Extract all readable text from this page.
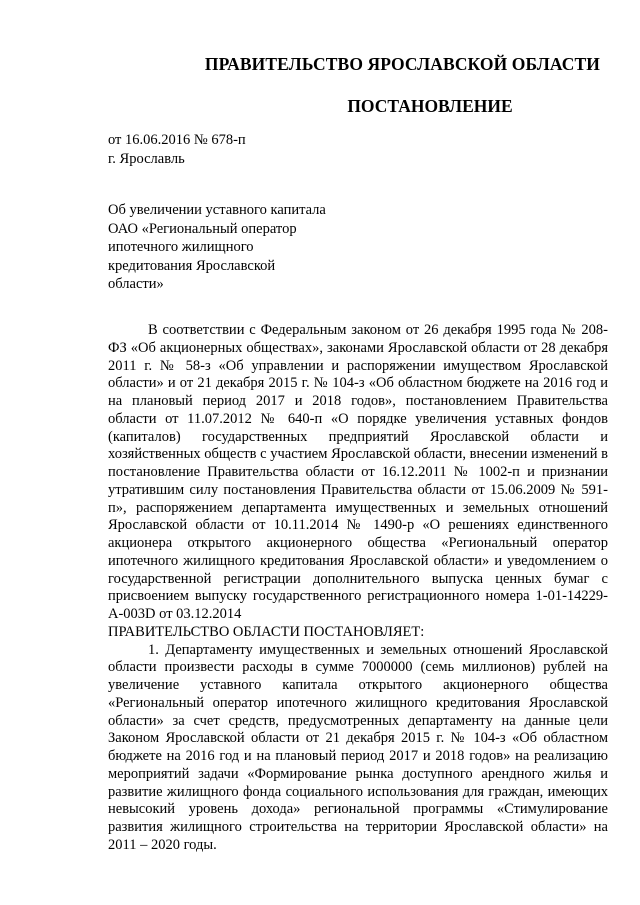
ПРАВИТЕЛЬСТВО ЯРОСЛАВСКОЙ ОБЛАСТИ
ПОСТАНОВЛЕНИЕ
от 16.06.2016 № 678-п
г. Ярославль
Об увеличении уставного капитала
ОАО «Региональный оператор
ипотечного жилищного
кредитования Ярославской
области»

В соответствии с Федеральным законом от 26 декабря 1995 года № 208-ФЗ «Об акционерных обществах», законами Ярославской области от 28 декабря 2011 г. № 58-з «Об управлении и распоряжении имуществом Ярославской области» и от 21 декабря 2015 г. № 104-з «Об областном бюджете на 2016 год и на плановый период 2017 и 2018 годов», постановлением Правительства области от 11.07.2012 № 640-п «О порядке увеличения уставных фондов (капиталов) государственных предприятий Ярославской области и хозяйственных обществ с участием Ярославской области, внесении изменений в постановление Правительства области от 16.12.2011 № 1002-п и признании утратившим силу постановления Правительства области от 15.06.2009 № 591-п», распоряжением департамента имущественных и земельных отношений Ярославской области от 10.11.2014 № 1490-р «О решениях единственного акционера открытого акционерного общества «Региональный оператор ипотечного жилищного кредитования Ярославской области» и уведомлением о государственной регистрации дополнительного выпуска ценных бумаг с присвоением выпуску государственного регистрационного номера 1-01-14229-А-003D от 03.12.2014

ПРАВИТЕЛЬСТВО ОБЛАСТИ ПОСТАНОВЛЯЕТ:

1. Департаменту имущественных и земельных отношений Ярославской области произвести расходы в сумме 7000000 (семь миллионов) рублей на увеличение уставного капитала открытого акционерного общества «Региональный оператор ипотечного жилищного кредитования Ярославской области» за счет средств, предусмотренных департаменту на данные цели Законом Ярославской области от 21 декабря 2015 г. № 104-з «Об областном бюджете на 2016 год и на плановый период 2017 и 2018 годов» на реализацию мероприятий задачи «Формирование рынка доступного арендного жилья и развитие жилищного фонда социального использования для граждан, имеющих невысокий уровень дохода» региональной программы «Стимулирование развития жилищного строительства на территории Ярославской области» на 2011 – 2020 годы.
